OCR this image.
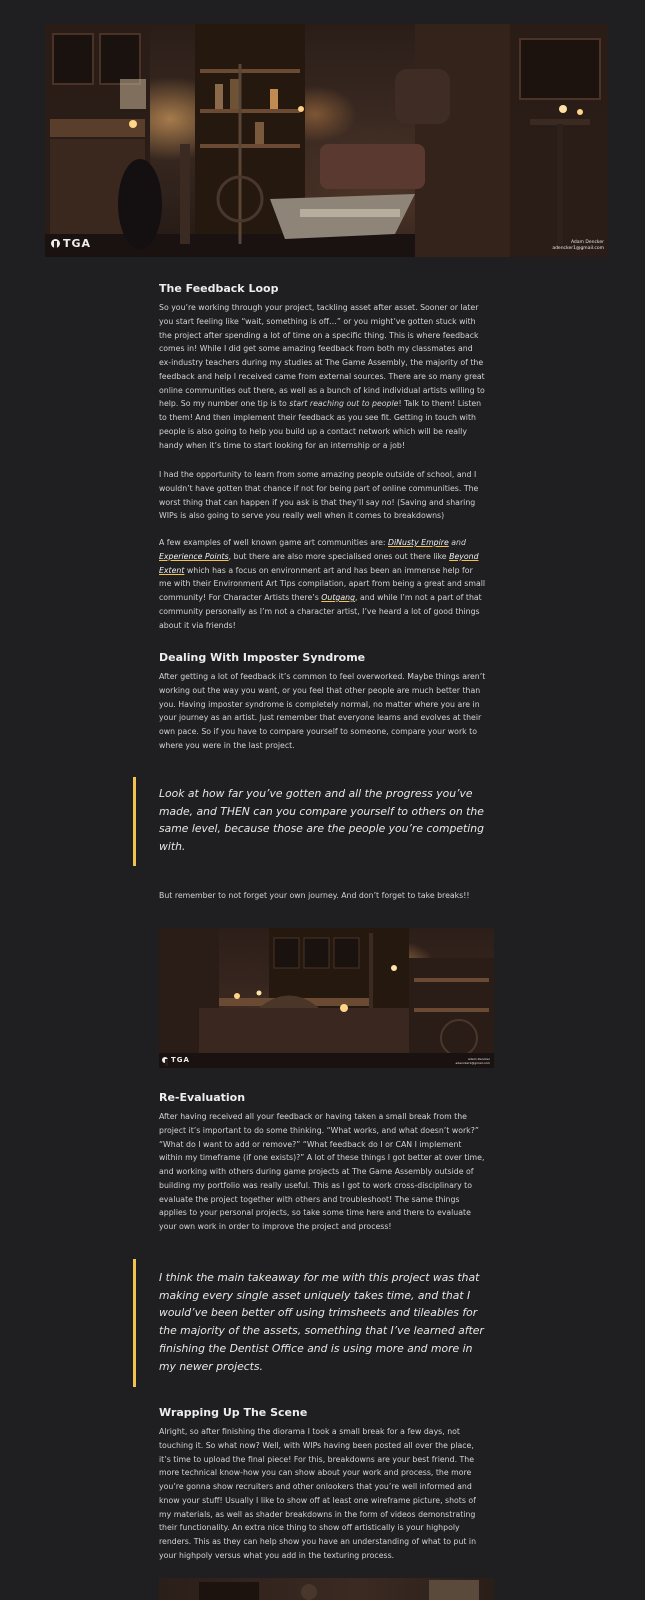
TGA	Adam Dencker
adencker1@gmail.com
The Feedback Loop

So you’re working through your project, tackling asset after asset. Sooner or later you start feeling like “wait, something is off…” or you might’ve gotten stuck with the project after spending a lot of time on a specific thing. This is where feedback comes in! While I did get some amazing feedback from both my classmates and ex-industry teachers during my studies at The Game Assembly, the majority of the feedback and help I received came from external sources. There are so many great online communities out there, as well as a bunch of kind individual artists willing to help. So my number one tip is to start reaching out to people! Talk to them! Listen to them! And then implement their feedback as you see fit. Getting in touch with people is also going to help you build up a contact network which will be really handy when it’s time to start looking for an internship or a job!

I had the opportunity to learn from some amazing people outside of school, and I wouldn’t have gotten that chance if not for being part of online communities. The worst thing that can happen if you ask is that they’ll say no! (Saving and sharing WIPs is also going to serve you really well when it comes to breakdowns)

A few examples of well known game art communities are: DiNusty Empire and Experience Points, but there are also more specialised ones out there like Beyond Extent which has a focus on environment art and has been an immense help for me with their Environment Art Tips compilation, apart from being a great and small community! For Character Artists there’s Outgang, and while I’m not a part of that community personally as I’m not a character artist, I’ve heard a lot of good things about it via friends!

Dealing With Imposter Syndrome

After getting a lot of feedback it’s common to feel overworked. Maybe things aren’t working out the way you want, or you feel that other people are much better than you. Having imposter syndrome is completely normal, no matter where you are in your journey as an artist. Just remember that everyone learns and evolves at their own pace. So if you have to compare yourself to someone, compare your work to where you were in the last project.

Look at how far you’ve gotten and all the progress you’ve made, and THEN can you compare yourself to others on the same level, because those are the people you’re competing with.

But remember to not forget your own journey. And don’t forget to take breaks!!

TGA	Adam Dencker
adencker1@gmail.com
Re-Evaluation

After having received all your feedback or having taken a small break from the project it’s important to do some thinking. “What works, and what doesn’t work?” “What do I want to add or remove?” “What feedback do I or CAN I implement within my timeframe (if one exists)?” A lot of these things I got better at over time, and working with others during game projects at The Game Assembly outside of building my portfolio was really useful. This as I got to work cross-disciplinary to evaluate the project together with others and troubleshoot! The same things applies to your personal projects, so take some time here and there to evaluate your own work in order to improve the project and process!

I think the main takeaway for me with this project was that making every single asset uniquely takes time, and that I would’ve been better off using trimsheets and tileables for the majority of the assets, something that I’ve learned after finishing the Dentist Office and is using more and more in my newer projects.

Wrapping Up The Scene

Alright, so after finishing the diorama I took a small break for a few days, not touching it. So what now? Well, with WIPs having been posted all over the place, it’s time to upload the final piece! For this, breakdowns are your best friend. The more technical know-how you can show about your work and process, the more you’re gonna show recruiters and other onlookers that you’re well informed and know your stuff! Usually I like to show off at least one wireframe picture, shots of my materials, as well as shader breakdowns in the form of videos demonstrating their functionality. An extra nice thing to show off artistically is your highpoly renders. This as they can help show you have an understanding of what to put in your highpoly versus what you add in the texturing process.
